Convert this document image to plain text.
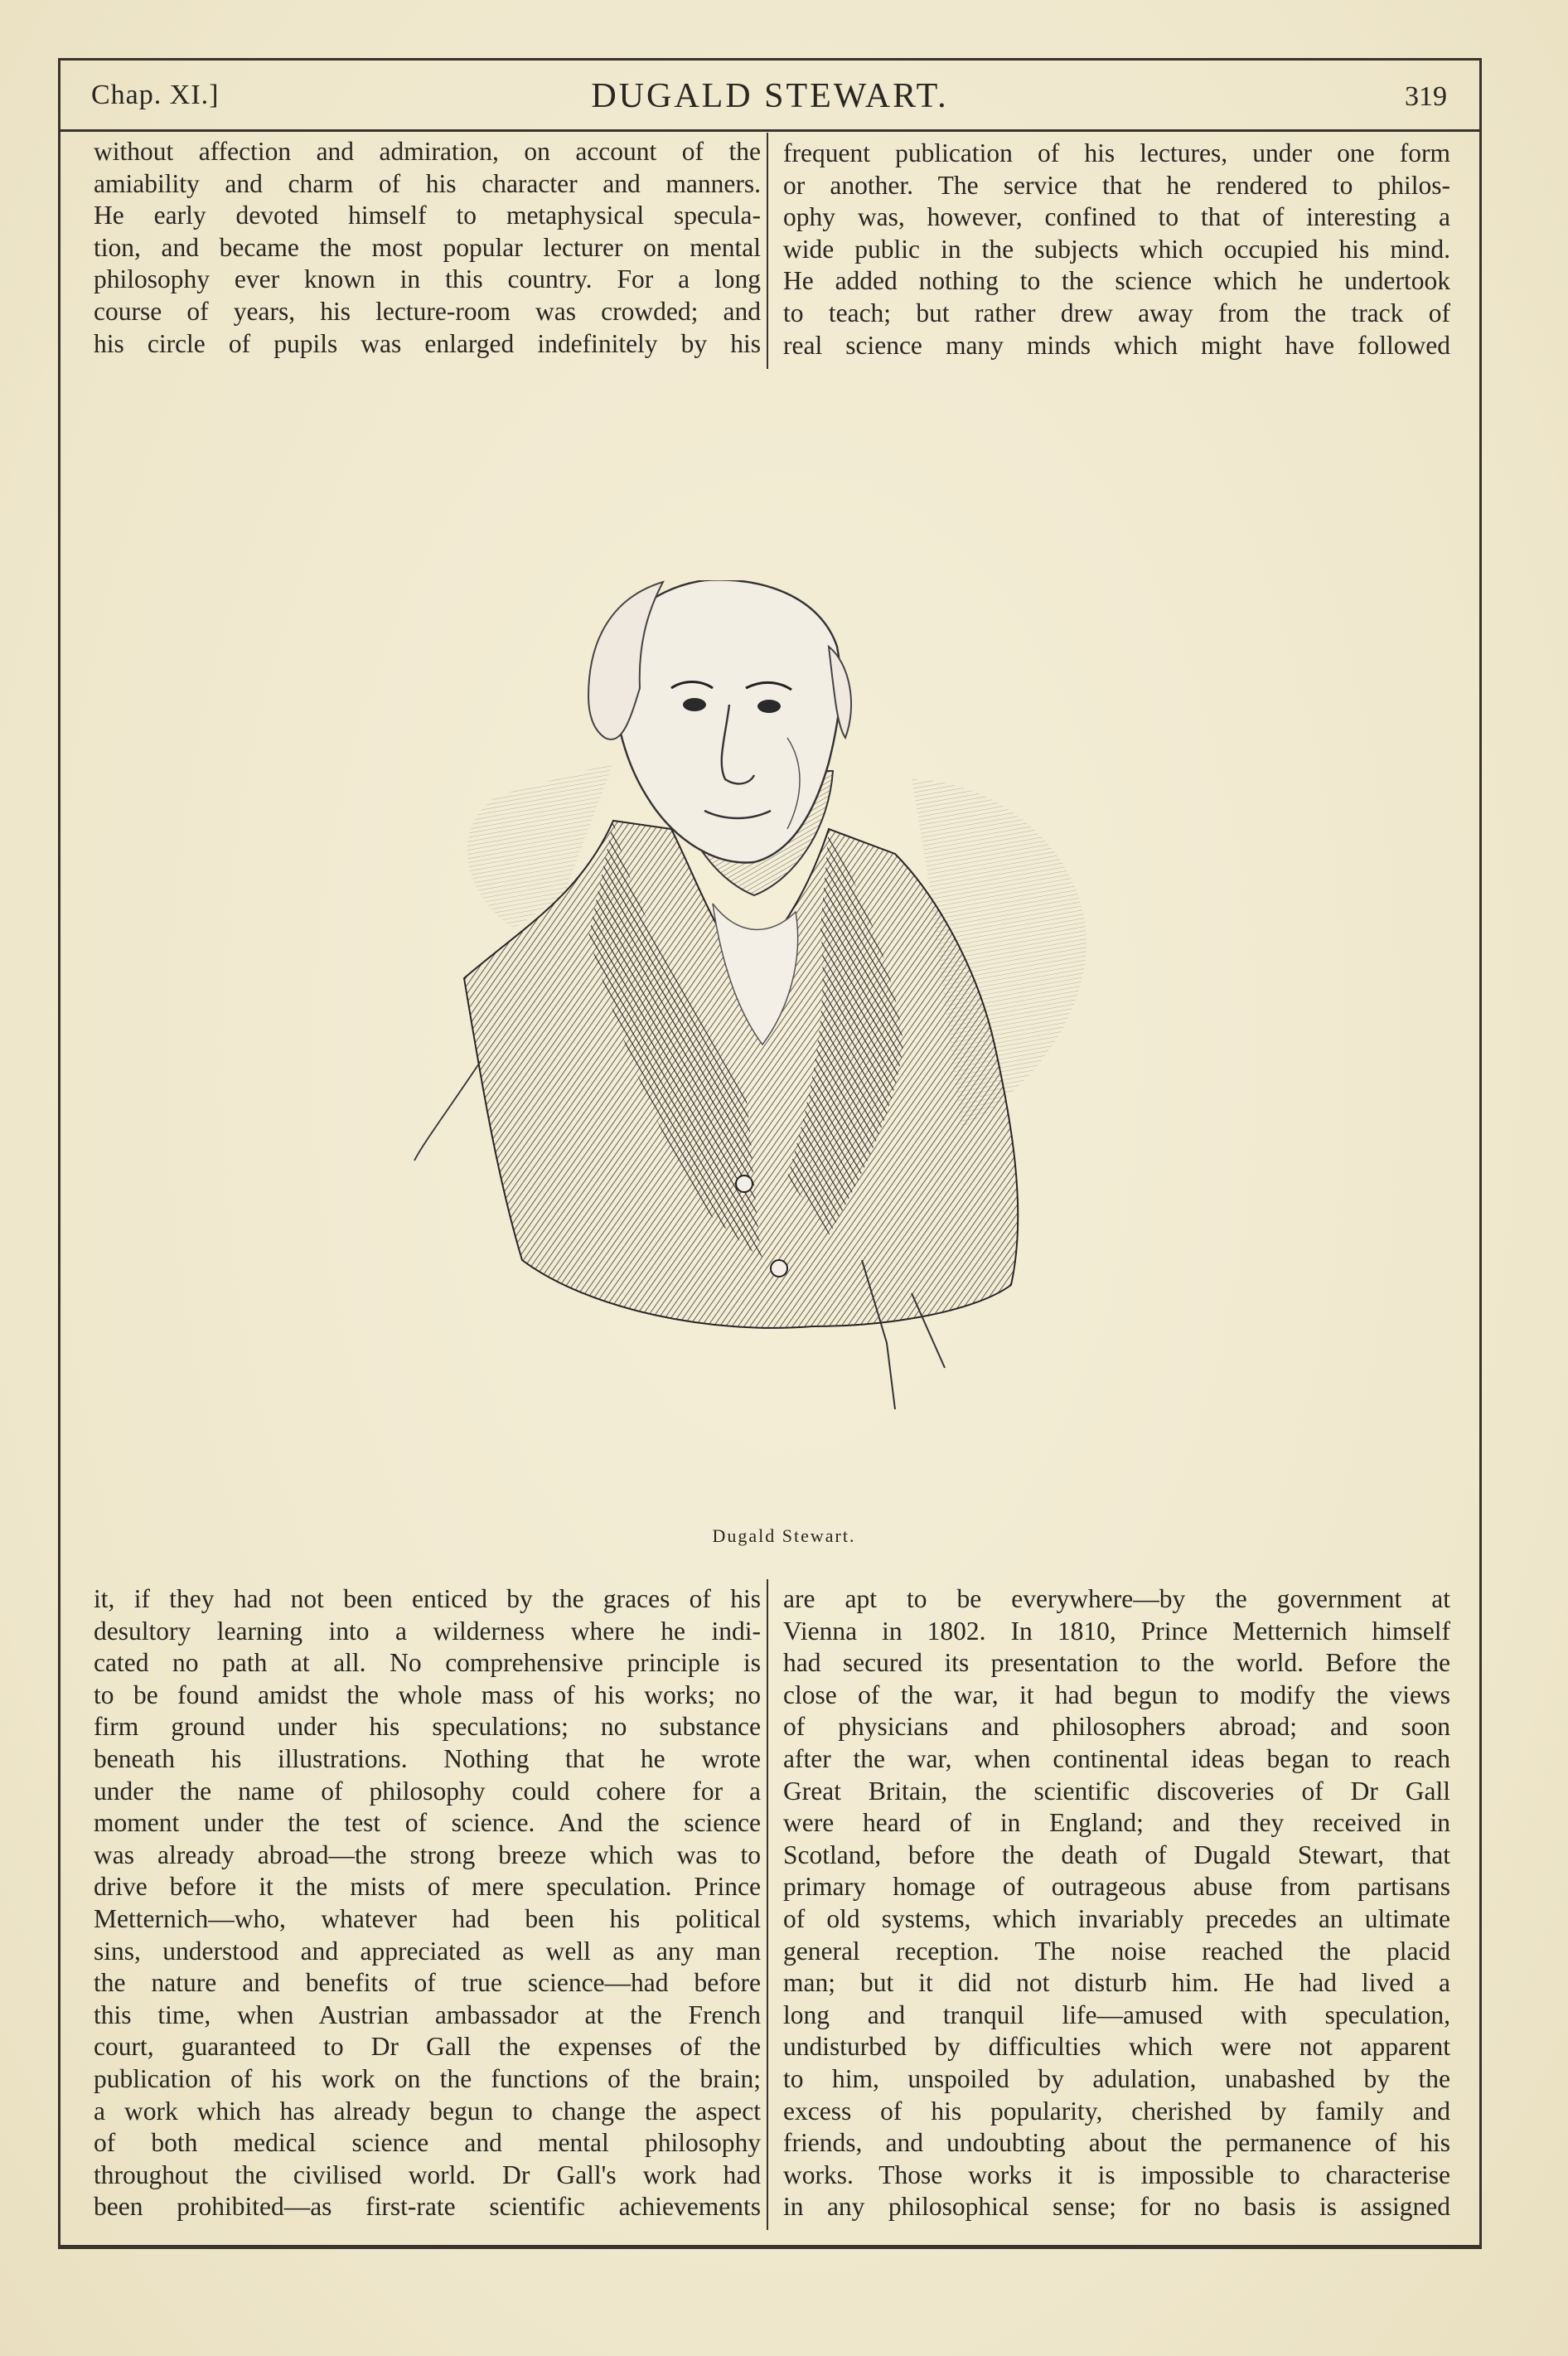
Chap. XI.]	DUGALD STEWART.	319

without affection and admiration, on account of the
amiability and charm of his character and manners.
He early devoted himself to metaphysical specula-
tion, and became the most popular lecturer on mental
philosophy ever known in this country. For a long
course of years, his lecture-room was crowded; and
his circle of pupils was enlarged indefinitely by his

frequent publication of his lectures, under one form
or another. The service that he rendered to philos-
ophy was, however, confined to that of interesting a
wide public in the subjects which occupied his mind.
He added nothing to the science which he undertook
to teach; but rather drew away from the track of
real science many minds which might have followed

Dugald Stewart.

it, if they had not been enticed by the graces of his
desultory learning into a wilderness where he indi-
cated no path at all. No comprehensive principle is
to be found amidst the whole mass of his works; no
firm ground under his speculations; no substance
beneath his illustrations. Nothing that he wrote
under the name of philosophy could cohere for a
moment under the test of science. And the science
was already abroad—the strong breeze which was to
drive before it the mists of mere speculation. Prince
Metternich—who, whatever had been his political
sins, understood and appreciated as well as any man
the nature and benefits of true science—had before
this time, when Austrian ambassador at the French
court, guaranteed to Dr Gall the expenses of the
publication of his work on the functions of the brain;
a work which has already begun to change the aspect
of both medical science and mental philosophy
throughout the civilised world. Dr Gall's work had
been prohibited—as first-rate scientific achievements

are apt to be everywhere—by the government at
Vienna in 1802. In 1810, Prince Metternich himself
had secured its presentation to the world. Before the
close of the war, it had begun to modify the views
of physicians and philosophers abroad; and soon
after the war, when continental ideas began to reach
Great Britain, the scientific discoveries of Dr Gall
were heard of in England; and they received in
Scotland, before the death of Dugald Stewart, that
primary homage of outrageous abuse from partisans
of old systems, which invariably precedes an ultimate
general reception. The noise reached the placid
man; but it did not disturb him. He had lived a
long and tranquil life—amused with speculation,
undisturbed by difficulties which were not apparent
to him, unspoiled by adulation, unabashed by the
excess of his popularity, cherished by family and
friends, and undoubting about the permanence of his
works. Those works it is impossible to characterise
in any philosophical sense; for no basis is assigned
